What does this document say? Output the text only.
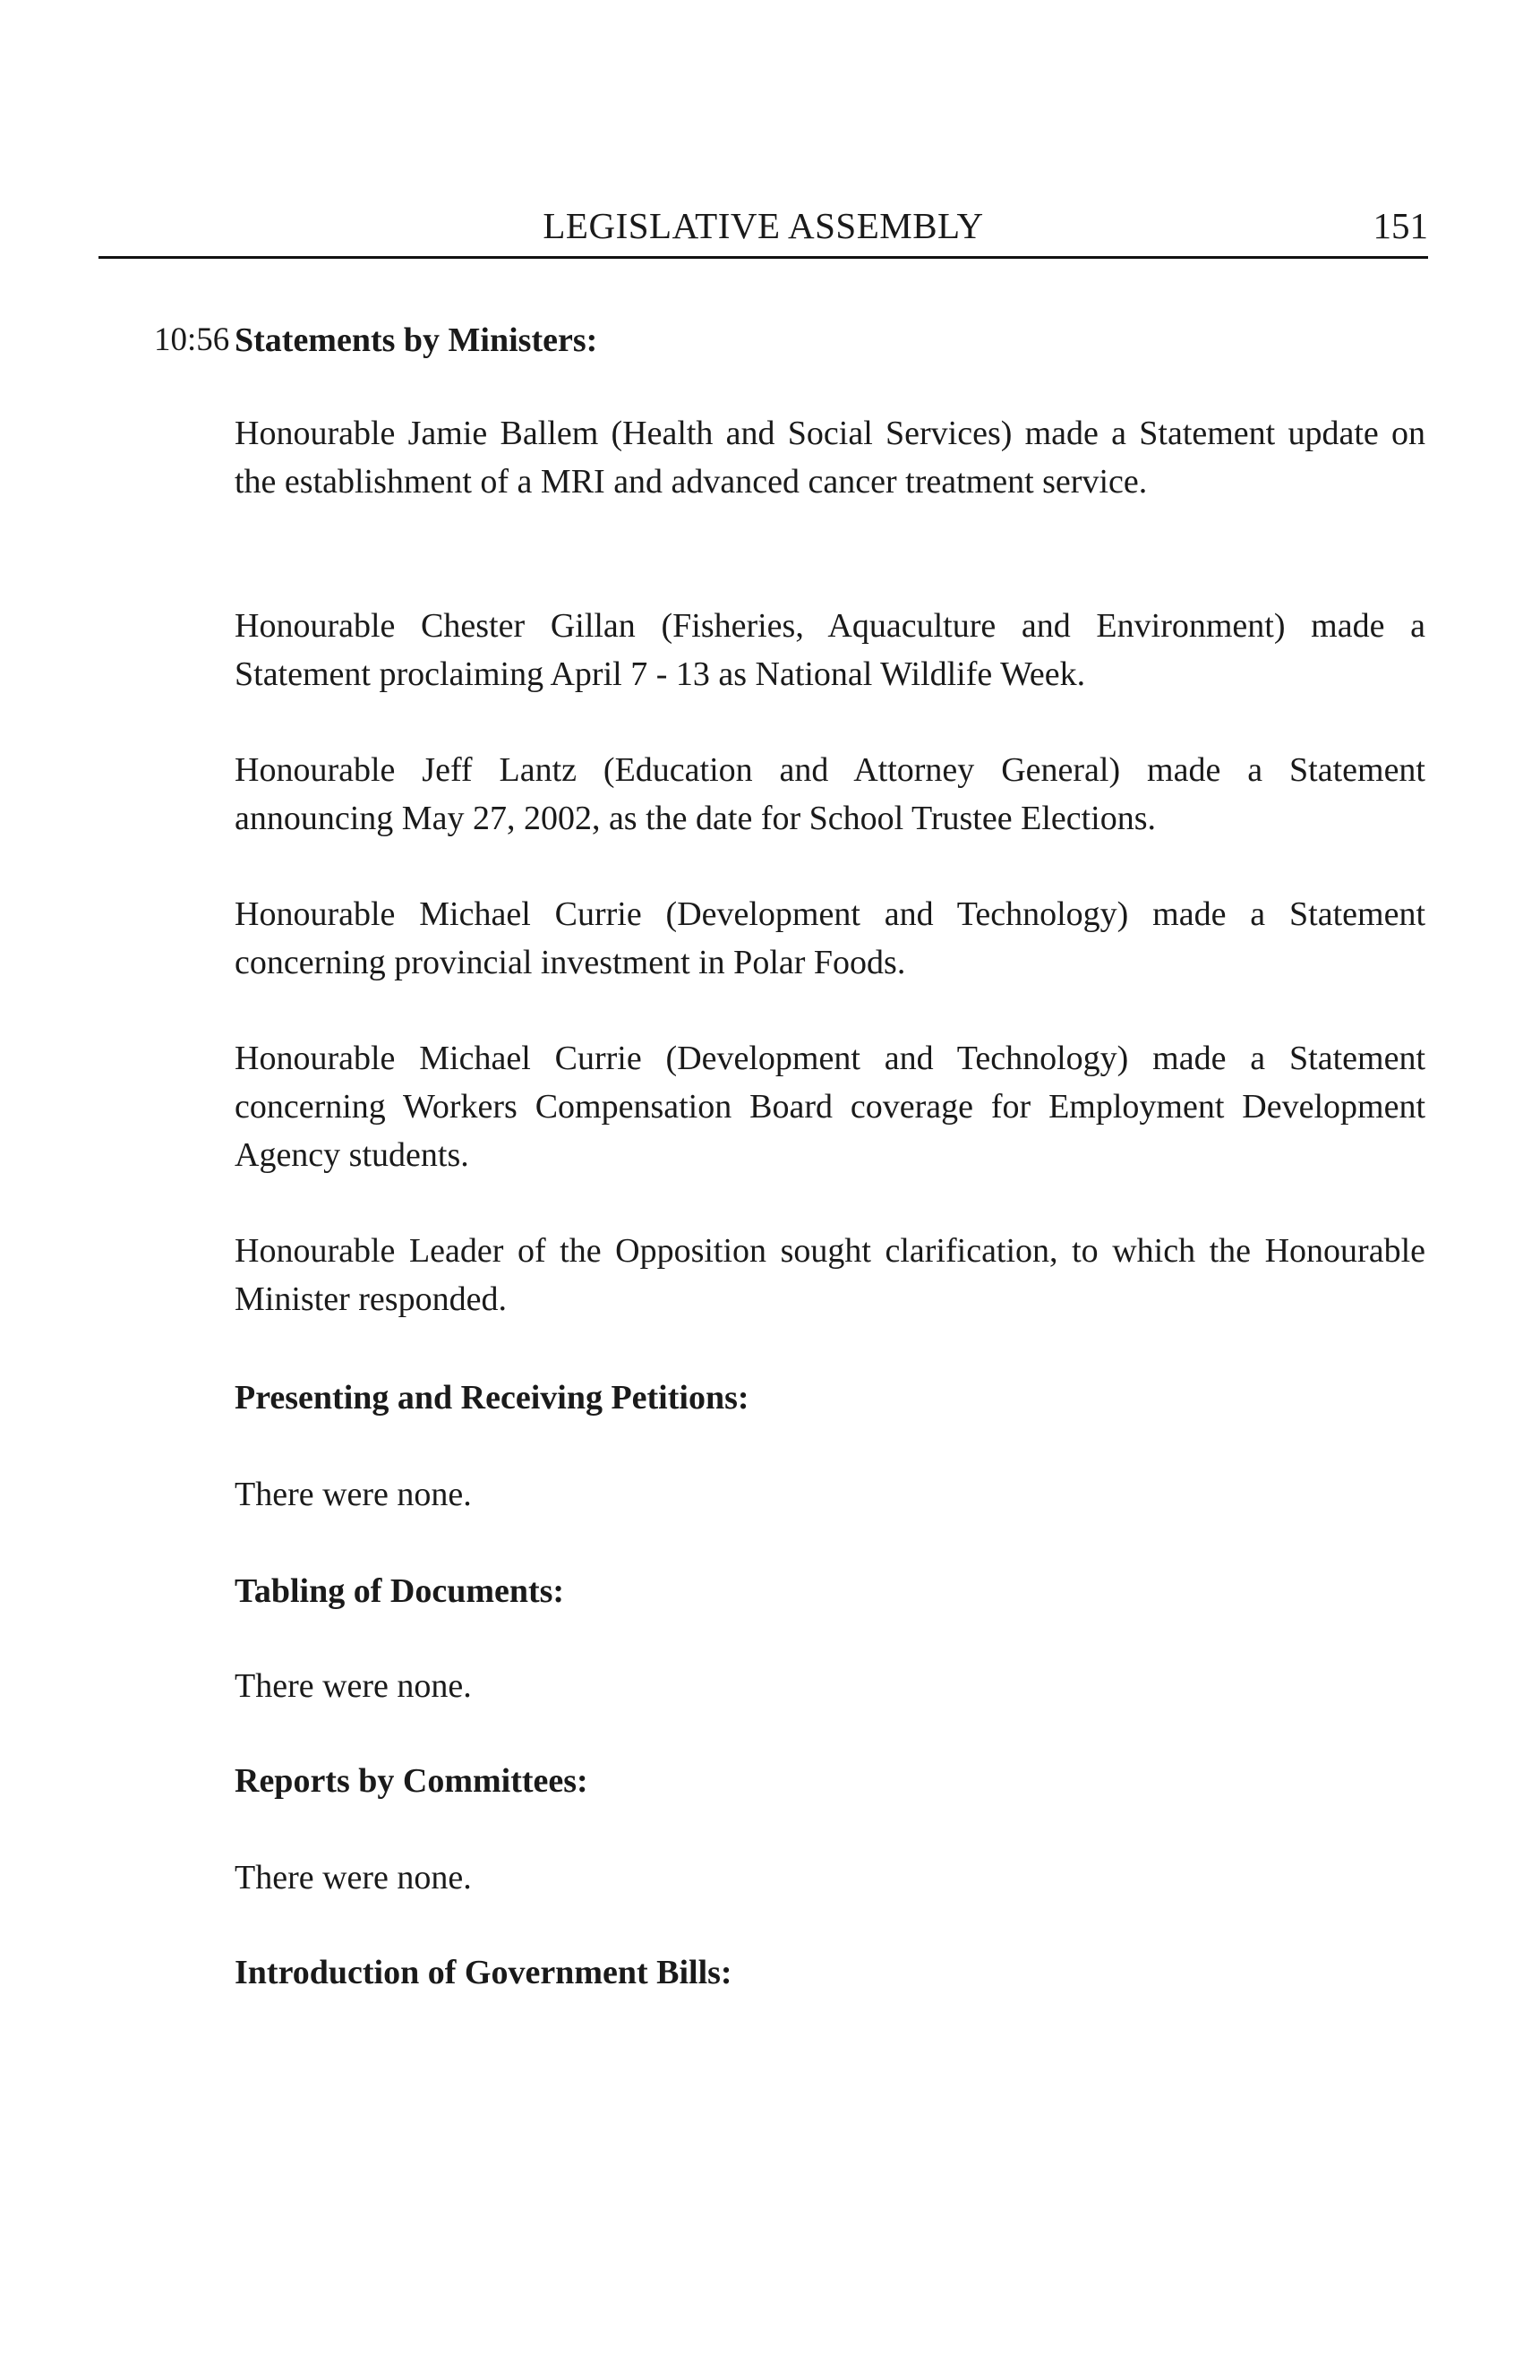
LEGISLATIVE ASSEMBLY	151
10:56 Statements by Ministers:
Honourable Jamie Ballem (Health and Social Services) made a Statement update on the establishment of a MRI and advanced cancer treatment service.
Honourable Chester Gillan (Fisheries, Aquaculture and Environment) made a Statement proclaiming April 7 - 13 as National Wildlife Week.
Honourable Jeff Lantz (Education and Attorney General) made a Statement announcing May 27, 2002, as the date for School Trustee Elections.
Honourable Michael Currie (Development and Technology) made a Statement concerning provincial investment in Polar Foods.
Honourable Michael Currie (Development and Technology) made a Statement concerning Workers Compensation Board coverage for Employment Development Agency students.
Honourable Leader of the Opposition sought clarification, to which the Honourable Minister responded.
Presenting and Receiving Petitions:
There were none.
Tabling of Documents:
There were none.
Reports by Committees:
There were none.
Introduction of Government Bills:
